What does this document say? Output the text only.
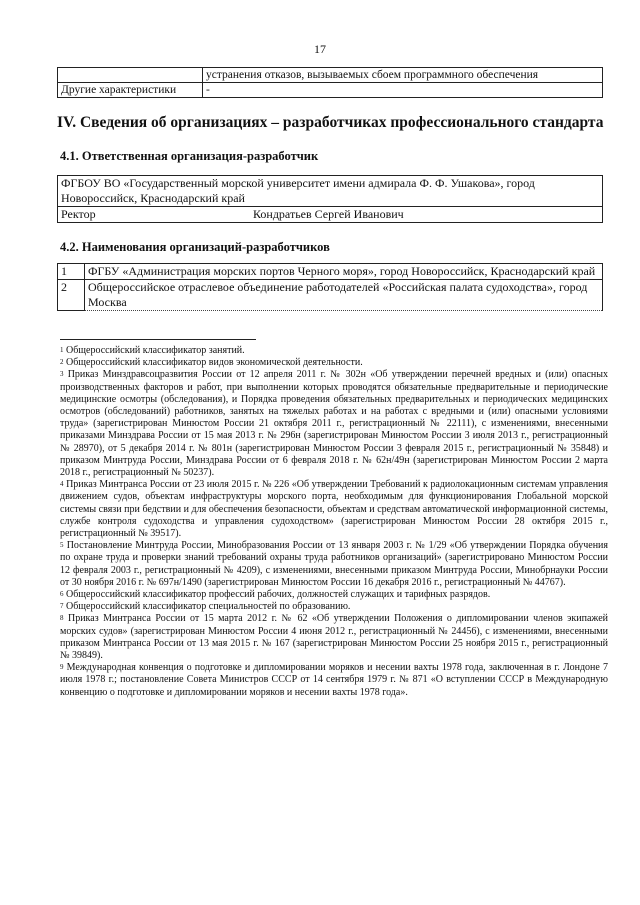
17
	устранения отказов, вызываемых сбоем программного обеспечения
Другие характеристики	-
IV. Сведения об организациях – разработчиках профессионального стандарта
4.1. Ответственная организация-разработчик
ФГБОУ ВО «Государственный морской университет имени адмирала Ф. Ф. Ушакова», город Новороссийск, Краснодарский край
Ректор	Кондратьев Сергей Иванович
4.2. Наименования организаций-разработчиков
1	ФГБУ «Администрация морских портов Черного моря», город Новороссийск, Краснодарский край
2	Общероссийское отраслевое объединение работодателей «Российская палата судоходства», город Москва

$^1$ Общероссийский классификатор занятий.

$^2$ Общероссийский классификатор видов экономической деятельности.

$^3$ Приказ Минздравсоцразвития России от 12 апреля 2011 г. № 302н «Об утверждении перечней вредных и (или) опасных производственных факторов и работ, при выполнении которых проводятся обязательные предварительные и периодические медицинские осмотры (обследования), и Порядка проведения обязательных предварительных и периодических медицинских осмотров (обследований) работников, занятых на тяжелых работах и на работах с вредными и (или) опасными условиями труда» (зарегистрирован Минюстом России 21 октября 2011 г., регистрационный № 22111), с изменениями, внесенными приказами Минздрава России от 15 мая 2013 г. № 296н (зарегистрирован Минюстом России 3 июля 2013 г., регистрационный № 28970), от 5 декабря 2014 г. № 801н (зарегистрирован Минюстом России 3 февраля 2015 г., регистрационный № 35848) и приказом Минтруда России, Минздрава России от 6 февраля 2018 г. № 62н/49н (зарегистрирован Минюстом России 2 марта 2018 г., регистрационный № 50237).

$^4$ Приказ Минтранса России от 23 июля 2015 г. № 226 «Об утверждении Требований к радиолокационным системам управления движением судов, объектам инфраструктуры морского порта, необходимым для функционирования Глобальной морской системы связи при бедствии и для обеспечения безопасности, объектам и средствам автоматической информационной системы, службе контроля судоходства и управления судоходством» (зарегистрирован Минюстом России 28 октября 2015 г., регистрационный № 39517).

$^5$ Постановление Минтруда России, Минобразования России от 13 января 2003 г. № 1/29 «Об утверждении Порядка обучения по охране труда и проверки знаний требований охраны труда работников организаций» (зарегистрировано Минюстом России 12 февраля 2003 г., регистрационный № 4209), с изменениями, внесенными приказом Минтруда России, Минобрнауки России от 30 ноября 2016 г. № 697н/1490 (зарегистрирован Минюстом России 16 декабря 2016 г., регистрационный № 44767).

$^6$ Общероссийский классификатор профессий рабочих, должностей служащих и тарифных разрядов.

$^7$ Общероссийский классификатор специальностей по образованию.

$^8$ Приказ Минтранса России от 15 марта 2012 г. № 62 «Об утверждении Положения о дипломировании членов экипажей морских судов» (зарегистрирован Минюстом России 4 июня 2012 г., регистрационный № 24456), с изменениями, внесенными приказом Минтранса России от 13 мая 2015 г. № 167 (зарегистрирован Минюстом России 25 ноября 2015 г., регистрационный № 39849).

$^9$ Международная конвенция о подготовке и дипломировании моряков и несении вахты 1978 года, заключенная в г. Лондоне 7 июля 1978 г.; постановление Совета Министров СССР от 14 сентября 1979 г. № 871 «О вступлении СССР в Международную конвенцию о подготовке и дипломировании моряков и несении вахты 1978 года».
